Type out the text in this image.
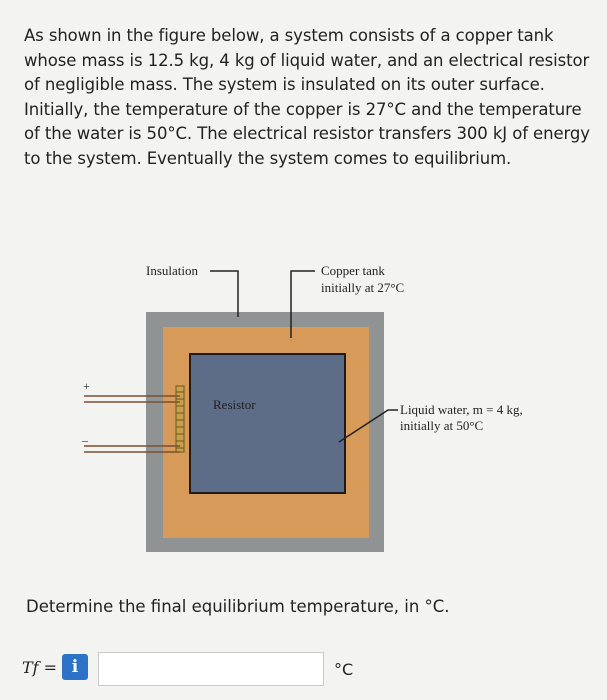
As shown in the figure below, a system consists of a copper tank whose mass is 12.5 kg, 4 kg of liquid water, and an electrical resistor of negligible mass. The system is insulated on its outer surface. Initially, the temperature of the copper is 27°C and the temperature of the water is 50°C. The electrical resistor transfers 300 kJ of energy to the system. Eventually the system comes to equilibrium.

+
–
Insulation	Copper tank
initially at 27°C
Resistor	Liquid water, m = 4 kg,
initially at 50°C

Determine the final equilibrium temperature, in °C.

Tf = i	°C
